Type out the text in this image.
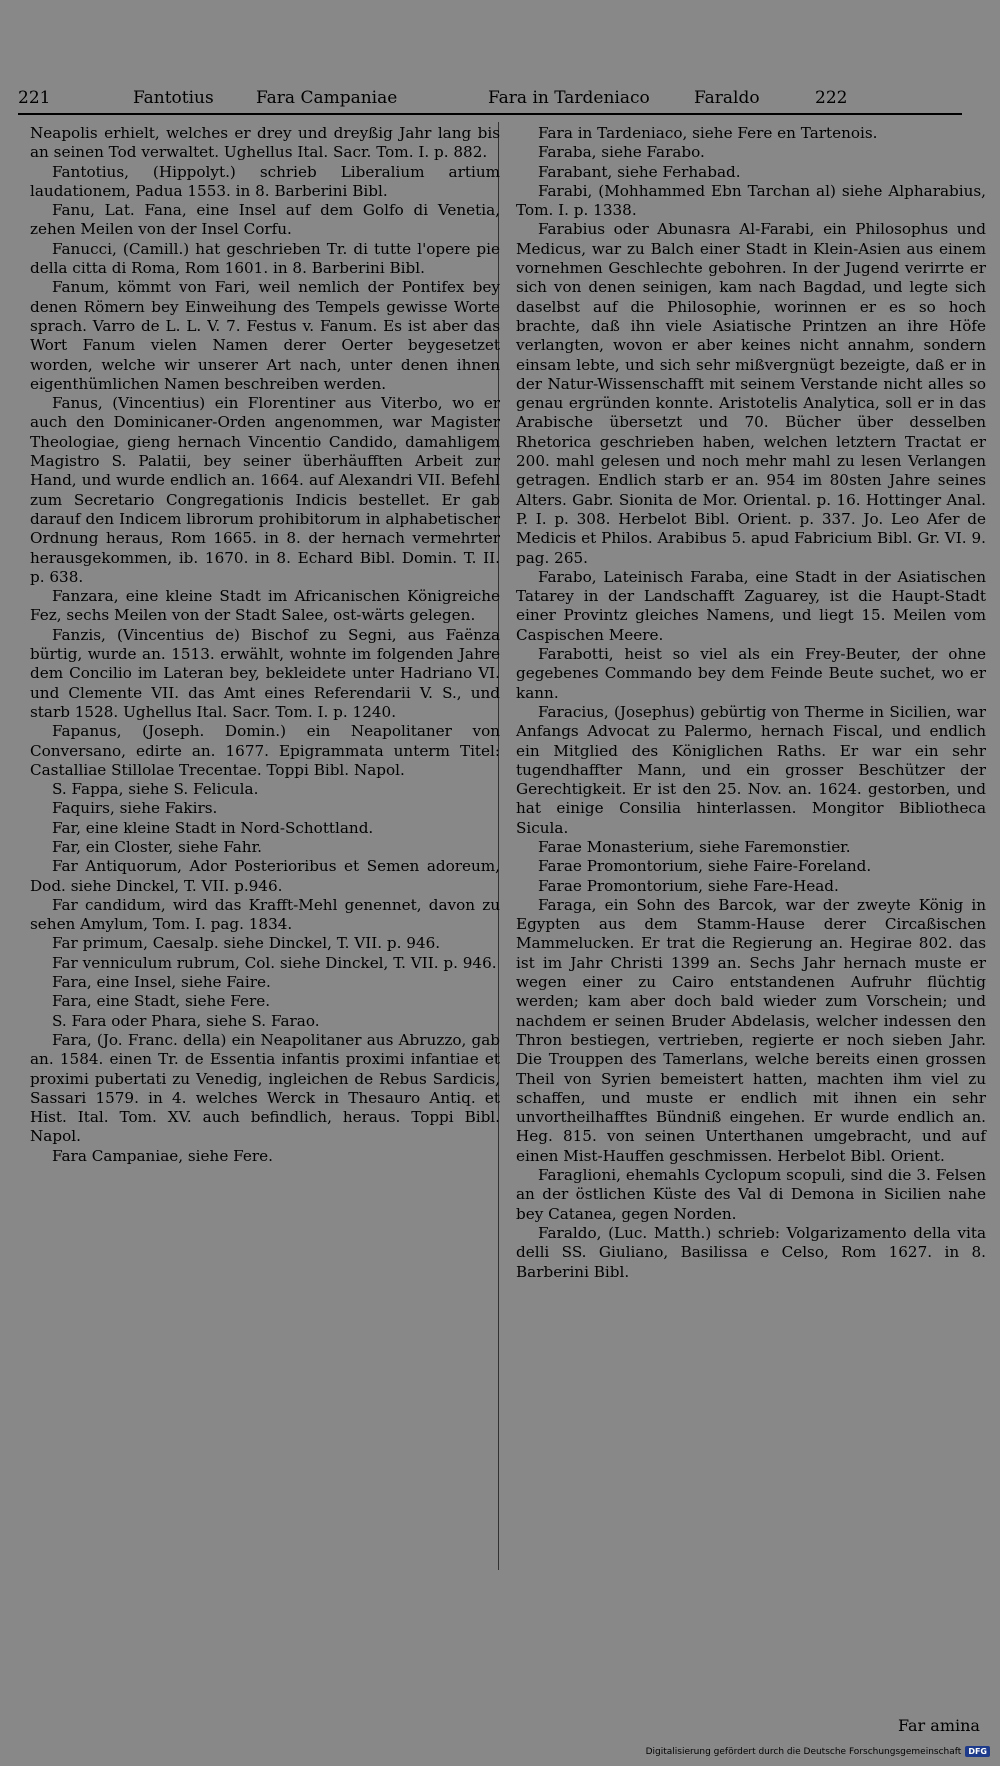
221	Fantotius Fara Campaniae	Fara in Tardeniaco	Faraldo	222

Neapolis erhielt, welches er drey und dreyßig Jahr lang bis an seinen Tod verwaltet. Ughellus Ital. Sacr. Tom. I. p. 882.

Fantotius, (Hippolyt.) schrieb Liberalium artium laudationem, Padua 1553. in 8. Barberini Bibl.

Fanu, Lat. Fana, eine Insel auf dem Golfo di Venetia, zehen Meilen von der Insel Corfu.

Fanucci, (Camill.) hat geschrieben Tr. di tutte l'opere pie della citta di Roma, Rom 1601. in 8. Barberini Bibl.

Fanum, kömmt von Fari, weil nemlich der Pontifex bey denen Römern bey Einweihung des Tempels gewisse Worte sprach. Varro de L. L. V. 7. Festus v. Fanum. Es ist aber das Wort Fanum vielen Namen derer Oerter beygesetzet worden, welche wir unserer Art nach, unter denen ihnen eigenthümlichen Namen beschreiben werden.

Fanus, (Vincentius) ein Florentiner aus Viterbo, wo er auch den Dominicaner-Orden angenommen, war Magister Theologiae, gieng hernach Vincentio Candido, damahligem Magistro S. Palatii, bey seiner überhäufften Arbeit zur Hand, und wurde endlich an. 1664. auf Alexandri VII. Befehl zum Secretario Congregationis Indicis bestellet. Er gab darauf den Indicem librorum prohibitorum in alphabetischer Ordnung heraus, Rom 1665. in 8. der hernach vermehrter herausgekommen, ib. 1670. in 8. Echard Bibl. Domin. T. II. p. 638.

Fanzara, eine kleine Stadt im Africanischen Königreiche Fez, sechs Meilen von der Stadt Salee, ost-wärts gelegen.

Fanzis, (Vincentius de) Bischof zu Segni, aus Faënza bürtig, wurde an. 1513. erwählt, wohnte im folgenden Jahre dem Concilio im Lateran bey, bekleidete unter Hadriano VI. und Clemente VII. das Amt eines Referendarii V. S., und starb 1528. Ughellus Ital. Sacr. Tom. I. p. 1240.

Fapanus, (Joseph. Domin.) ein Neapolitaner von Conversano, edirte an. 1677. Epigrammata unterm Titel: Castalliae Stillolae Trecentae. Toppi Bibl. Napol.

S. Fappa, siehe S. Felicula.

Faquirs, siehe Fakirs.

Far, eine kleine Stadt in Nord-Schottland.

Far, ein Closter, siehe Fahr.

Far Antiquorum, Ador Posterioribus et Semen adoreum, Dod. siehe Dinckel, T. VII. p.946.

Far candidum, wird das Krafft-Mehl genennet, davon zu sehen Amylum, Tom. I. pag. 1834.

Far primum, Caesalp. siehe Dinckel, T. VII. p. 946.

Far venniculum rubrum, Col. siehe Dinckel, T. VII. p. 946.

Fara, eine Insel, siehe Faire.

Fara, eine Stadt, siehe Fere.

S. Fara oder Phara, siehe S. Farao.

Fara, (Jo. Franc. della) ein Neapolitaner aus Abruzzo, gab an. 1584. einen Tr. de Essentia infantis proximi infantiae et proximi pubertati zu Venedig, ingleichen de Rebus Sardicis, Sassari 1579. in 4. welches Werck in Thesauro Antiq. et Hist. Ital. Tom. XV. auch befindlich, heraus. Toppi Bibl. Napol.

Fara Campaniae, siehe Fere.

Fara in Tardeniaco, siehe Fere en Tartenois.

Faraba, siehe Farabo.

Farabant, siehe Ferhabad.

Farabi, (Mohhammed Ebn Tarchan al) siehe Alpharabius, Tom. I. p. 1338.

Farabius oder Abunasra Al-Farabi, ein Philosophus und Medicus, war zu Balch einer Stadt in Klein-Asien aus einem vornehmen Geschlechte gebohren. In der Jugend verirrte er sich von denen seinigen, kam nach Bagdad, und legte sich daselbst auf die Philosophie, worinnen er es so hoch brachte, daß ihn viele Asiatische Printzen an ihre Höfe verlangten, wovon er aber keines nicht annahm, sondern einsam lebte, und sich sehr mißvergnügt bezeigte, daß er in der Natur-Wissenschafft mit seinem Verstande nicht alles so genau ergründen konnte. Aristotelis Analytica, soll er in das Arabische übersetzt und 70. Bücher über desselben Rhetorica geschrieben haben, welchen letztern Tractat er 200. mahl gelesen und noch mehr mahl zu lesen Verlangen getragen. Endlich starb er an. 954 im 80sten Jahre seines Alters. Gabr. Sionita de Mor. Oriental. p. 16. Hottinger Anal. P. I. p. 308. Herbelot Bibl. Orient. p. 337. Jo. Leo Afer de Medicis et Philos. Arabibus 5. apud Fabricium Bibl. Gr. VI. 9. pag. 265.

Farabo, Lateinisch Faraba, eine Stadt in der Asiatischen Tatarey in der Landschafft Zaguarey, ist die Haupt-Stadt einer Provintz gleiches Namens, und liegt 15. Meilen vom Caspischen Meere.

Farabotti, heist so viel als ein Frey-Beuter, der ohne gegebenes Commando bey dem Feinde Beute suchet, wo er kann.

Faracius, (Josephus) gebürtig von Therme in Sicilien, war Anfangs Advocat zu Palermo, hernach Fiscal, und endlich ein Mitglied des Königlichen Raths. Er war ein sehr tugendhaffter Mann, und ein grosser Beschützer der Gerechtigkeit. Er ist den 25. Nov. an. 1624. gestorben, und hat einige Consilia hinterlassen. Mongitor Bibliotheca Sicula.

Farae Monasterium, siehe Faremonstier.

Farae Promontorium, siehe Faire-Foreland.

Farae Promontorium, siehe Fare-Head.

Faraga, ein Sohn des Barcok, war der zweyte König in Egypten aus dem Stamm-Hause derer Circaßischen Mammelucken. Er trat die Regierung an. Hegirae 802. das ist im Jahr Christi 1399 an. Sechs Jahr hernach muste er wegen einer zu Cairo entstandenen Aufruhr flüchtig werden; kam aber doch bald wieder zum Vorschein; und nachdem er seinen Bruder Abdelasis, welcher indessen den Thron bestiegen, vertrieben, regierte er noch sieben Jahr. Die Trouppen des Tamerlans, welche bereits einen grossen Theil von Syrien bemeistert hatten, machten ihm viel zu schaffen, und muste er endlich mit ihnen ein sehr unvortheilhafftes Bündniß eingehen. Er wurde endlich an. Heg. 815. von seinen Unterthanen umgebracht, und auf einen Mist-Hauffen geschmissen. Herbelot Bibl. Orient.

Faraglioni, ehemahls Cyclopum scopuli, sind die 3. Felsen an der östlichen Küste des Val di Demona in Sicilien nahe bey Catanea, gegen Norden.

Faraldo, (Luc. Matth.) schrieb: Volgarizamento della vita delli SS. Giuliano, Basilissa e Celso, Rom 1627. in 8. Barberini Bibl.

Far amina
Digitalisierung gefördert durch die Deutsche Forschungsgemeinschaft DFG
